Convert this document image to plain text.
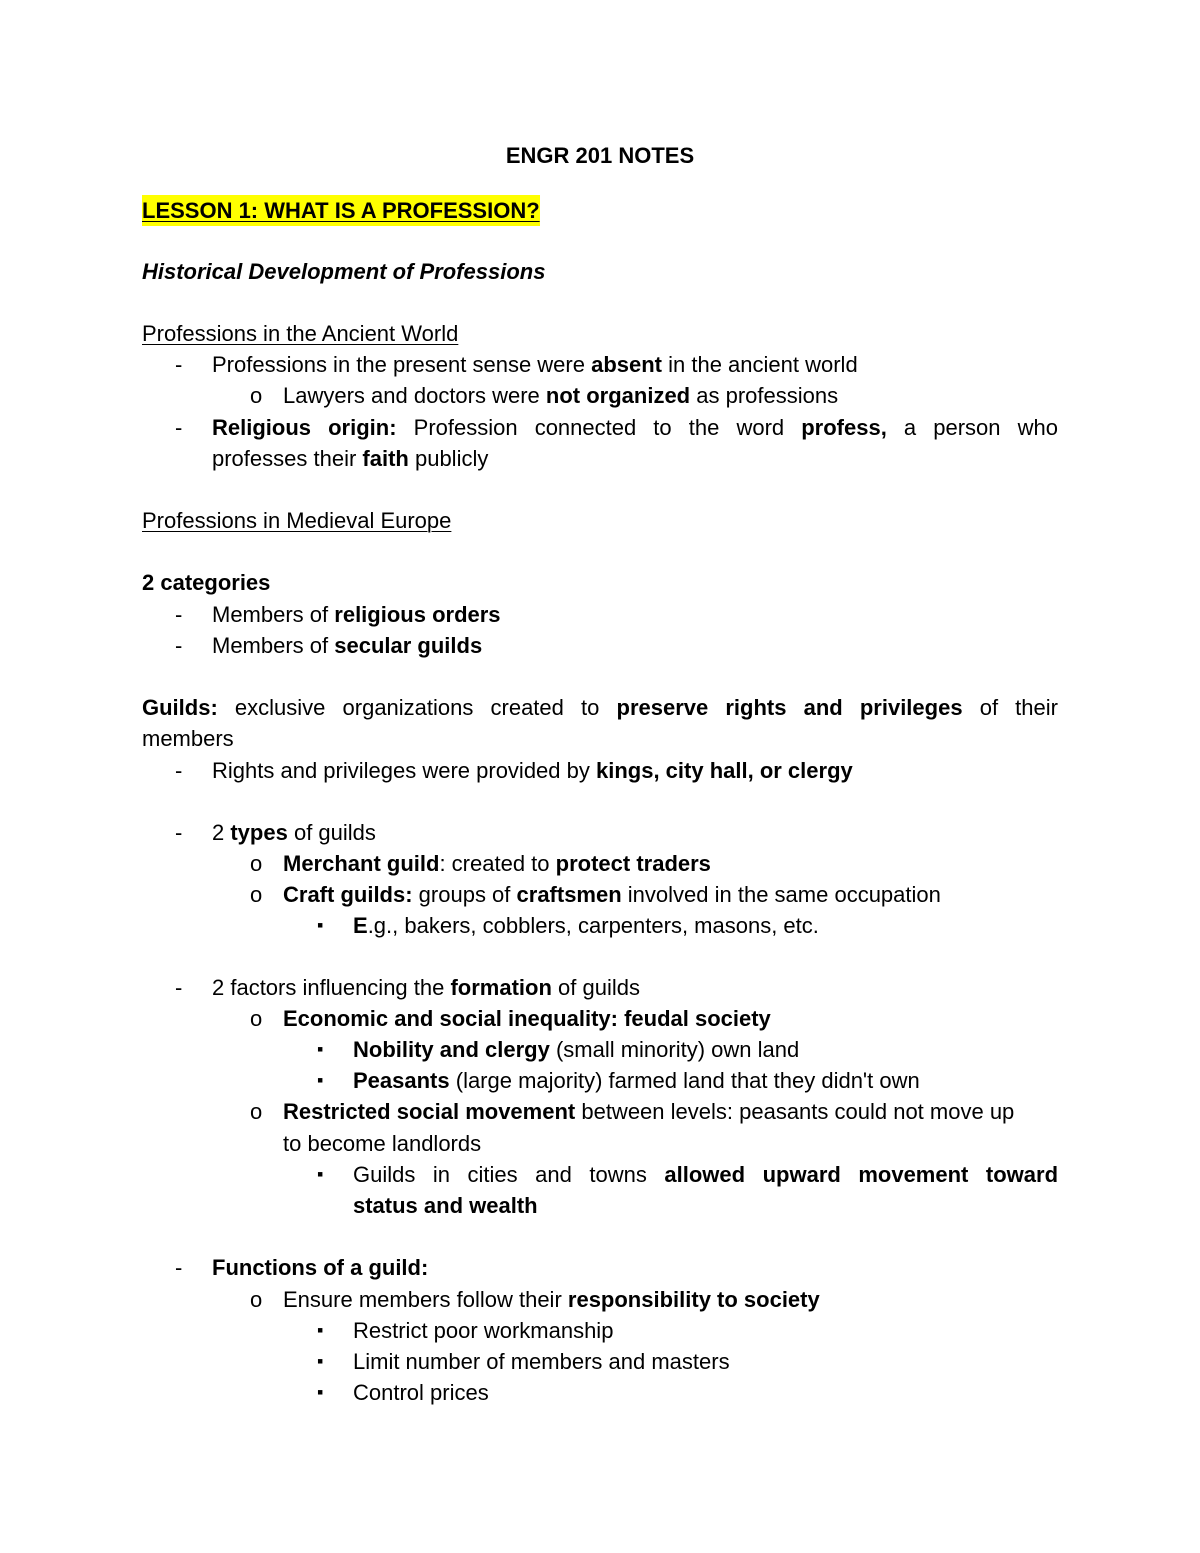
ENGR 201 NOTES
LESSON 1: WHAT IS A PROFESSION?
Historical Development of Professions
Professions in the Ancient World
- Professions in the present sense were absent in the ancient world
o Lawyers and doctors were not organized as professions
- Religious origin: Profession connected to the word profess, a person who
professes their faith publicly
Professions in Medieval Europe
2 categories
- Members of religious orders
- Members of secular guilds
Guilds: exclusive organizations created to preserve rights and privileges of their
members
- Rights and privileges were provided by kings, city hall, or clergy
- 2 types of guilds
o Merchant guild: created to protect traders
o Craft guilds: groups of craftsmen involved in the same occupation
▪ E.g., bakers, cobblers, carpenters, masons, etc.
- 2 factors influencing the formation of guilds
o Economic and social inequality: feudal society
▪ Nobility and clergy (small minority) own land
▪ Peasants (large majority) farmed land that they didn't own
o Restricted social movement between levels: peasants could not move up
to become landlords
▪ Guilds in cities and towns allowed upward movement toward
status and wealth
- Functions of a guild:
o Ensure members follow their responsibility to society
▪ Restrict poor workmanship
▪ Limit number of members and masters
▪ Control prices
